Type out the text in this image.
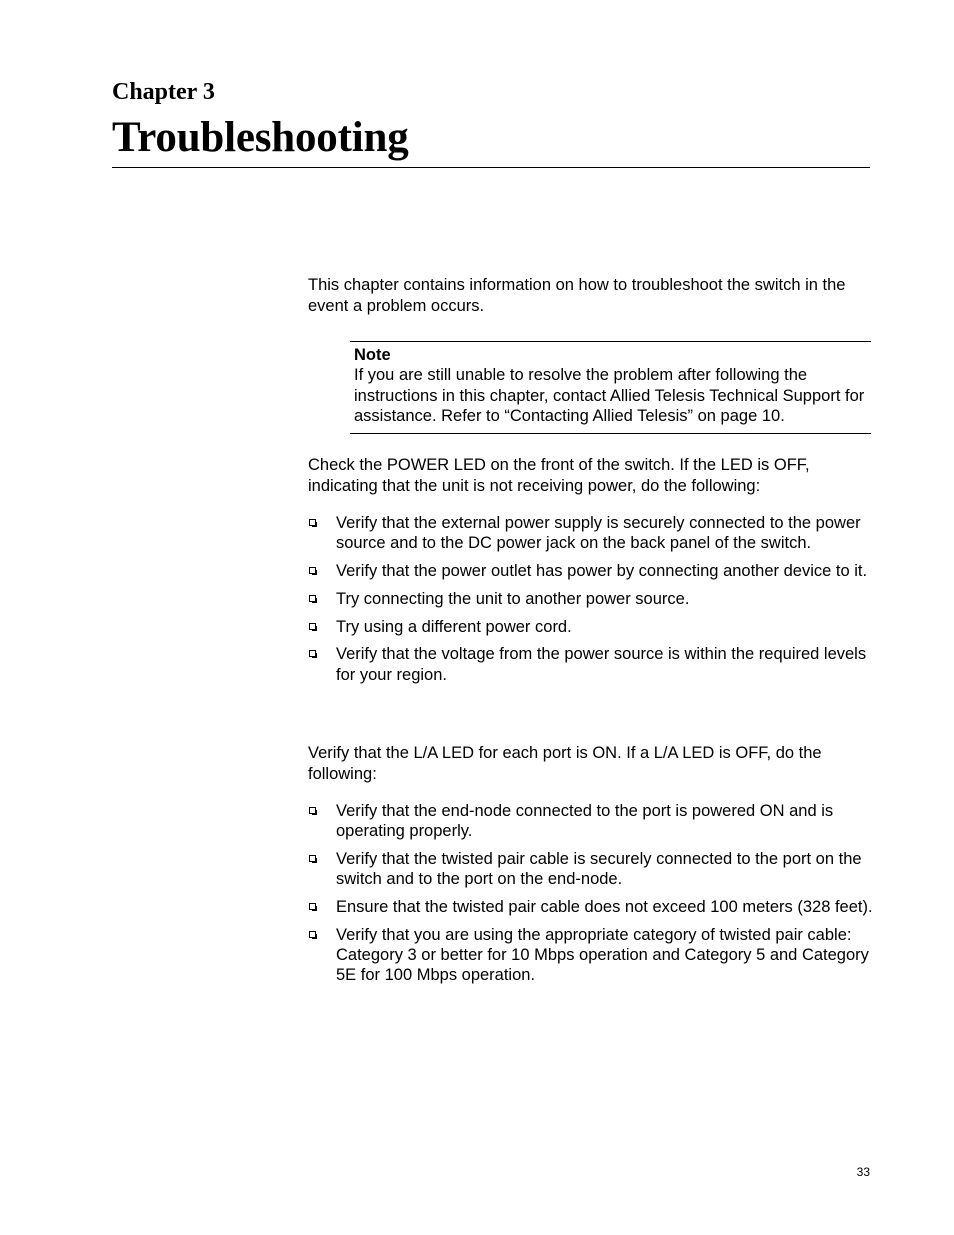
Chapter 3
Troubleshooting

This chapter contains information on how to troubleshoot the switch in the event a problem occurs.

Note

If you are still unable to resolve the problem after following the instructions in this chapter, contact Allied Telesis Technical Support for assistance. Refer to “Contacting Allied Telesis” on page 10.

Check the POWER LED on the front of the switch. If the LED is OFF, indicating that the unit is not receiving power, do the following:

Verify that the external power supply is securely connected to the power source and to the DC power jack on the back panel of the switch.
Verify that the power outlet has power by connecting another device to it.
Try connecting the unit to another power source.
Try using a different power cord.
Verify that the voltage from the power source is within the required levels for your region.

Verify that the L/A LED for each port is ON. If a L/A LED is OFF, do the following:

Verify that the end-node connected to the port is powered ON and is operating properly.
Verify that the twisted pair cable is securely connected to the port on the switch and to the port on the end-node.
Ensure that the twisted pair cable does not exceed 100 meters (328 feet).
Verify that you are using the appropriate category of twisted pair cable: Category 3 or better for 10 Mbps operation and Category 5 and Category 5E for 100 Mbps operation.
33
